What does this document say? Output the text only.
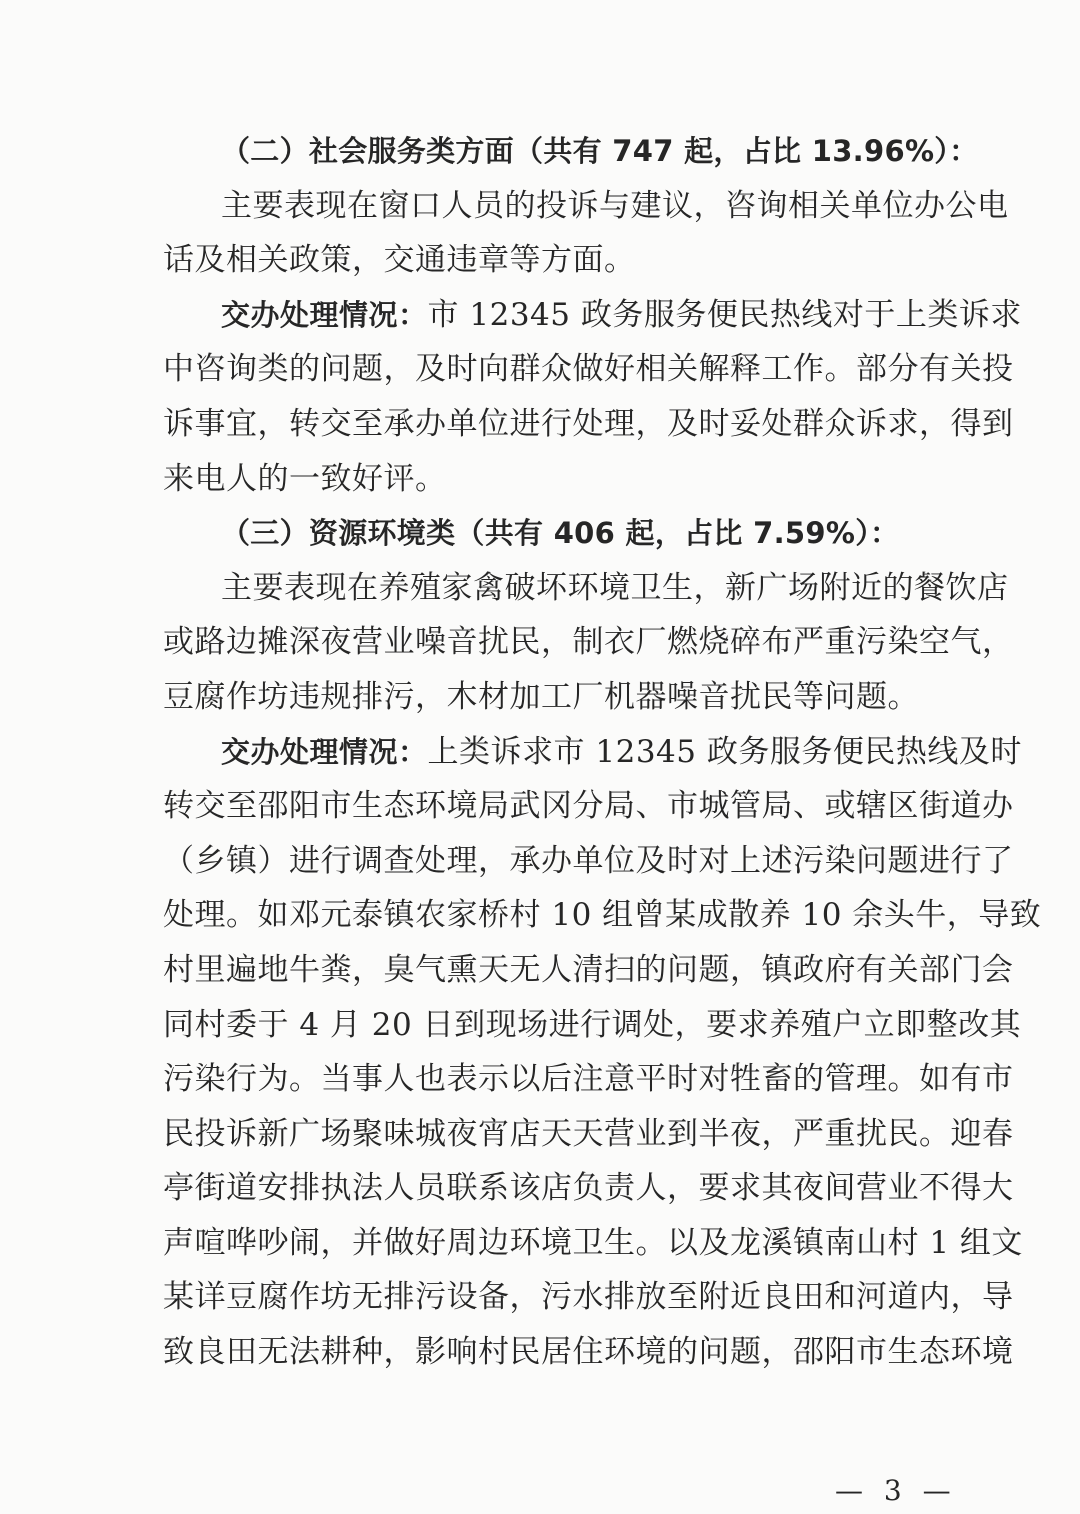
（二）社会服务类方面（共有 747 起，占比 13.96%）：
主要表现在窗口人员的投诉与建议，咨询相关单位办公电
话及相关政策，交通违章等方面。
交办处理情况：市 12345 政务服务便民热线对于上类诉求
中咨询类的问题，及时向群众做好相关解释工作。部分有关投
诉事宜，转交至承办单位进行处理，及时妥处群众诉求，得到
来电人的一致好评。
（三）资源环境类（共有 406 起，占比 7.59%）：
主要表现在养殖家禽破坏环境卫生，新广场附近的餐饮店
或路边摊深夜营业噪音扰民，制衣厂燃烧碎布严重污染空气，
豆腐作坊违规排污，木材加工厂机器噪音扰民等问题。
交办处理情况：上类诉求市 12345 政务服务便民热线及时
转交至邵阳市生态环境局武冈分局、市城管局、或辖区街道办
（乡镇）进行调查处理，承办单位及时对上述污染问题进行了
处理。如邓元泰镇农家桥村 10 组曾某成散养 10 余头牛，导致
村里遍地牛粪，臭气熏天无人清扫的问题，镇政府有关部门会
同村委于 4 月 20 日到现场进行调处，要求养殖户立即整改其
污染行为。当事人也表示以后注意平时对牲畜的管理。如有市
民投诉新广场聚味城夜宵店天天营业到半夜，严重扰民。迎春
亭街道安排执法人员联系该店负责人，要求其夜间营业不得大
声喧哗吵闹，并做好周边环境卫生。以及龙溪镇南山村 1 组文
某详豆腐作坊无排污设备，污水排放至附近良田和河道内，导
致良田无法耕种，影响村民居住环境的问题，邵阳市生态环境
— 3 —
